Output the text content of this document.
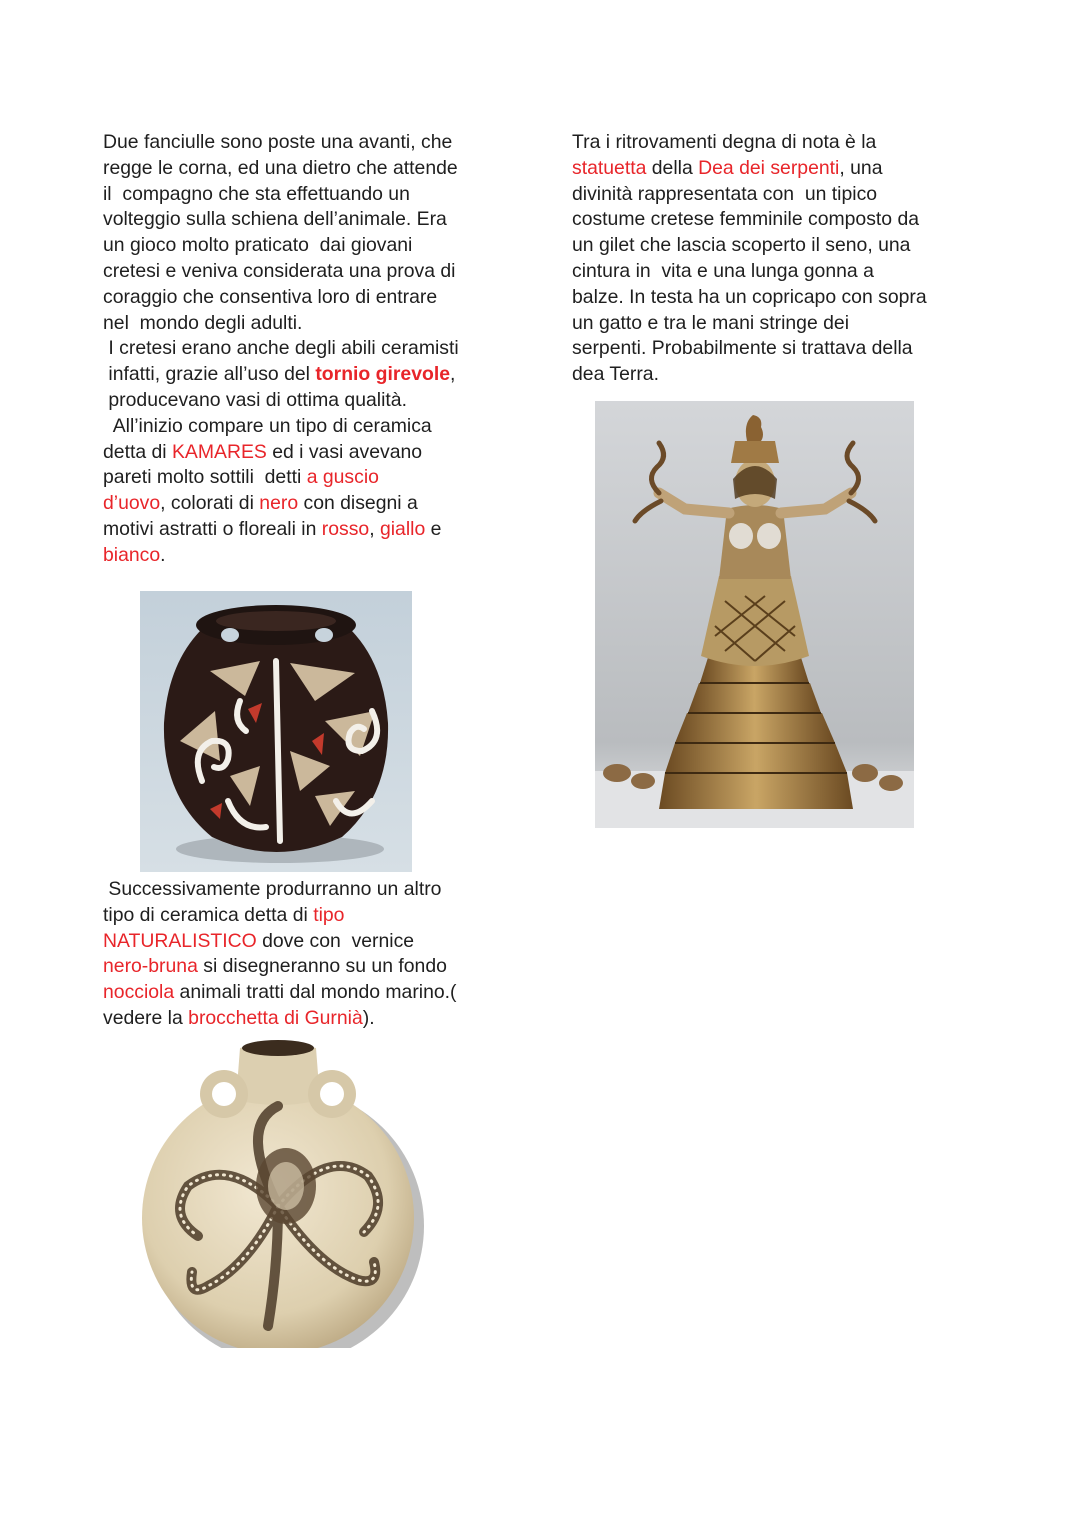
Due fanciulle sono poste una avanti, che
regge le corna, ed una dietro che attende
il  compagno che sta effettuando un
volteggio sulla schiena dell’animale. Era
un gioco molto praticato  dai giovani
cretesi e veniva considerata una prova di
coraggio che consentiva loro di entrare
nel  mondo degli adulti.
I cretesi erano anche degli abili ceramisti
infatti, grazie all’uso del tornio girevole,
producevano vasi di ottima qualità.
All’inizio compare un tipo di ceramica
detta di KAMARES ed i vasi avevano
pareti molto sottili  detti a guscio
d’uovo, colorati di nero con disegni a
motivi astratti o floreali in rosso, giallo e
bianco.
Successivamente produrranno un altro
tipo di ceramica detta di tipo
NATURALISTICO dove con  vernice
nero-bruna si disegneranno su un fondo
nocciola animali tratti dal mondo marino.(
vedere la brocchetta di Gurnià).
Tra i ritrovamenti degna di nota è la
statuetta della Dea dei serpenti, una
divinità rappresentata con  un tipico
costume cretese femminile composto da
un gilet che lascia scoperto il seno, una
cintura in  vita e una lunga gonna a
balze. In testa ha un copricapo con sopra
un gatto e tra le mani stringe dei
serpenti. Probabilmente si trattava della
dea Terra.
